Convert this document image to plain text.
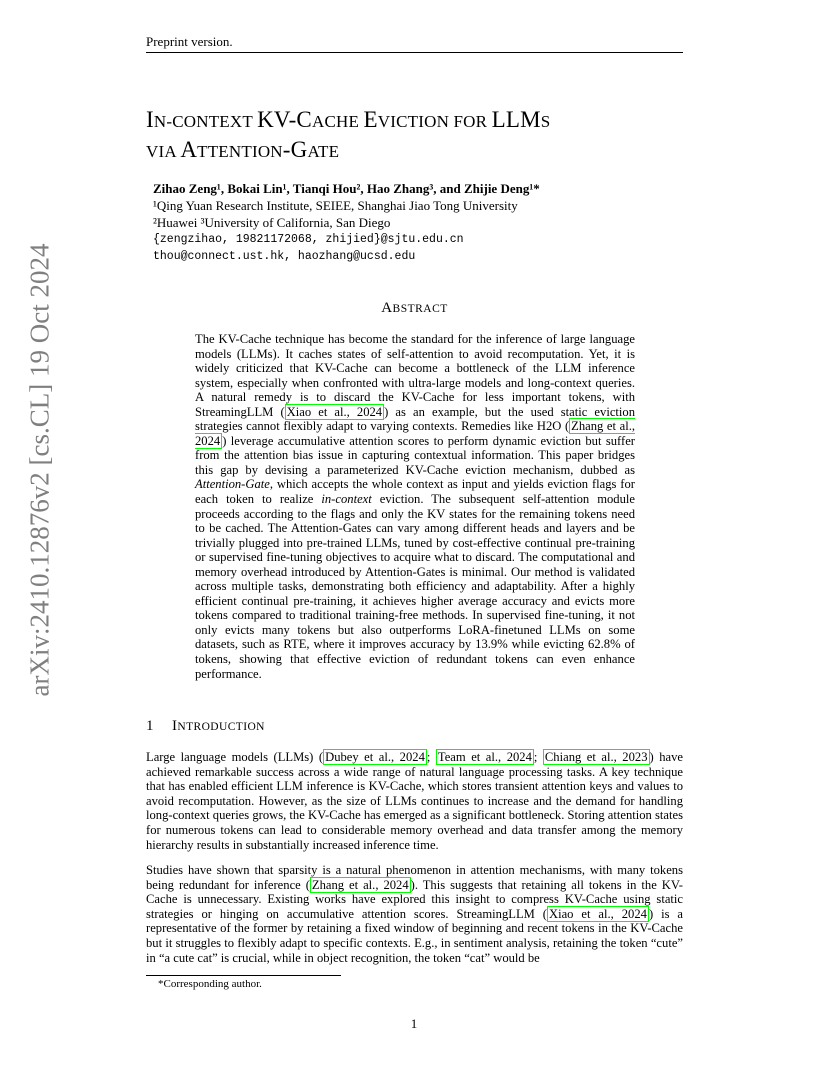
Preprint version.
arXiv:2410.12876v2 [cs.CL] 19 Oct 2024
IN-CONTEXT KV-CACHE EVICTION FOR LLMS
VIA ATTENTION-GATE
Zihao Zeng¹, Bokai Lin¹, Tianqi Hou², Hao Zhang³, and Zhijie Deng¹*
¹Qing Yuan Research Institute, SEIEE, Shanghai Jiao Tong University
²Huawei ³University of California, San Diego
{zengzihao, 19821172068, zhijied}@sjtu.edu.cn
thou@connect.ust.hk, haozhang@ucsd.edu
ABSTRACT
The KV-Cache technique has become the standard for the inference of large language models (LLMs). It caches states of self-attention to avoid recomputation. Yet, it is widely criticized that KV-Cache can become a bottleneck of the LLM inference system, especially when confronted with ultra-large models and long-context queries. A natural remedy is to discard the KV-Cache for less important tokens, with StreamingLLM ( Xiao et al., 2024 ) as an example, but the used static eviction strategies cannot flexibly adapt to varying contexts. Remedies like H2O ( Zhang et al., 2024 ) leverage accumulative attention scores to perform dynamic eviction but suffer from the attention bias issue in capturing contextual information. This paper bridges this gap by devising a parameterized KV-Cache eviction mechanism, dubbed as Attention-Gate, which accepts the whole context as input and yields eviction flags for each token to realize in-context eviction. The subsequent self-attention module proceeds according to the flags and only the KV states for the remaining tokens need to be cached. The Attention-Gates can vary among different heads and layers and be trivially plugged into pre-trained LLMs, tuned by cost-effective continual pre-training or supervised fine-tuning objectives to acquire what to discard. The computational and memory overhead introduced by Attention-Gates is minimal. Our method is validated across multiple tasks, demonstrating both efficiency and adaptability. After a highly efficient continual pre-training, it achieves higher average accuracy and evicts more tokens compared to traditional training-free methods. In supervised fine-tuning, it not only evicts many tokens but also outperforms LoRA-finetuned LLMs on some datasets, such as RTE, where it improves accuracy by 13.9% while evicting 62.8% of tokens, showing that effective eviction of redundant tokens can even enhance performance.
1 INTRODUCTION
Large language models (LLMs) ( Dubey et al., 2024 ; Team et al., 2024 ; Chiang et al., 2023 ) have achieved remarkable success across a wide range of natural language processing tasks. A key technique that has enabled efficient LLM inference is KV-Cache, which stores transient attention keys and values to avoid recomputation. However, as the size of LLMs continues to increase and the demand for handling long-context queries grows, the KV-Cache has emerged as a significant bottleneck. Storing attention states for numerous tokens can lead to considerable memory overhead and data transfer among the memory hierarchy results in substantially increased inference time.
Studies have shown that sparsity is a natural phenomenon in attention mechanisms, with many tokens being redundant for inference ( Zhang et al., 2024 ). This suggests that retaining all tokens in the KV-Cache is unnecessary. Existing works have explored this insight to compress KV-Cache using static strategies or hinging on accumulative attention scores. StreamingLLM ( Xiao et al., 2024 ) is a representative of the former by retaining a fixed window of beginning and recent tokens in the KV-Cache but it struggles to flexibly adapt to specific contexts. E.g., in sentiment analysis, retaining the token “cute” in “a cute cat” is crucial, while in object recognition, the token “cat” would be
*Corresponding author.
1
